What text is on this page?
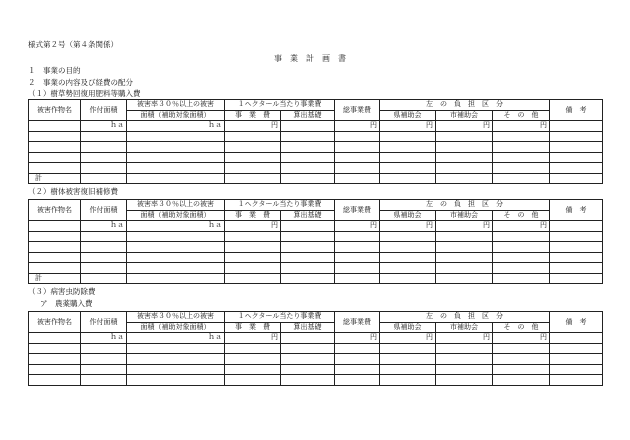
様式第２号（第４条関係）
事　業　計　画　書
１　事業の目的
２　事業の内容及び経費の配分
（１）樹草勢回復用肥料等購入費
被害作物名	作付面積	被害率３０％以上の被害	１ヘクタール当たり事業費		総事業費	左　の　負　担　区　分			備　考
		面積（補助対象面積）	事　業　費	算出基礎		県補助会	市補助会	そ　の　他	
	ｈａ	ｈａ	円		円	円	円	円	

計									
（２）樹体被害復旧補修費
被害作物名	作付面積	被害率３０％以上の被害	１ヘクタール当たり事業費		総事業費	左　の　負　担　区　分			備　考
		面積（補助対象面積）	事　業　費	算出基礎		県補助会	市補助会	そ　の　他	
	ｈａ	ｈａ	円		円	円	円	円	

計									
（３）病害虫防除費
ア　農薬購入費
被害作物名	作付面積	被害率３０％以上の被害	１ヘクタール当たり事業費		総事業費	左　の　負　担　区　分			備　考
		面積（補助対象面積）	事　業　費	算出基礎		県補助会	市補助会	そ　の　他	
	ｈａ	ｈａ	円		円	円	円	円	
